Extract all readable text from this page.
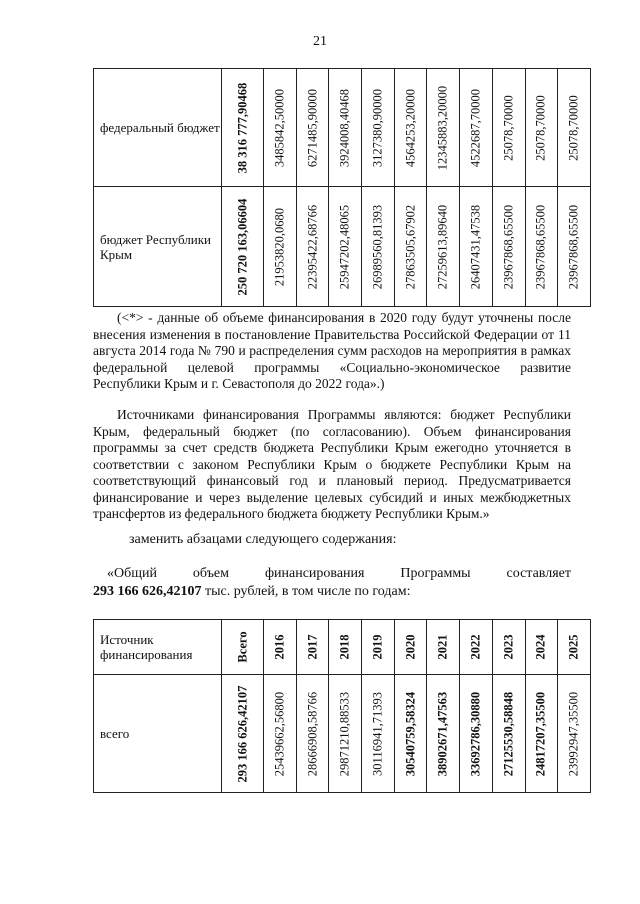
21
федеральный бюджет	38 316 777,90468	3485842,50000	6271485,90000	3924008,40468	3127380,90000	4564253,20000	12345883,20000	4522687,70000	25078,70000	25078,70000	25078,70000

бюджет Республики Крым	250 720 163,06604	21953820,0680	22395422,68766	25947202,48065	26989560,81393	27863505,67902	27259613,89640	26407431,47538	23967868,65500	23967868,65500	23967868,65500

(<*> - данные об объеме финансирования в 2020 году будут уточнены после внесения изменения в постановление Правительства Российской Федерации от 11 августа 2014 года № 790 и распределения сумм расходов на мероприятия в рамках федеральной целевой программы «Социально-экономическое развитие Республики Крым и г. Севастополя до 2022 года».)

Источниками финансирования Программы являются: бюджет Республики Крым, федеральный бюджет (по согласованию). Объем финансирования программы за счет средств бюджета Республики Крым ежегодно уточняется в соответствии с законом Республики Крым о бюджете Республики Крым на соответствующий финансовый год и плановый период. Предусматривается финансирование и через выделение целевых субсидий и иных межбюджетных трансфертов из федерального бюджета бюджету Республики Крым.»

заменить абзацами следующего содержания:

«Общий	объем	финансирования	Программы	составляет
293 166 626,42107 тыс. рублей, в том числе по годам:
Источник финансирования	Всего	2016	2017	2018	2019	2020	2021	2022	2023	2024	2025

всего	293 166 626,42107	25439662,56800	28666908,58766	29871210,88533	30116941,71393	30540759,58324	38902671,47563	33692786,30880	27125530,58848	24817207,35500	23992947,35500
